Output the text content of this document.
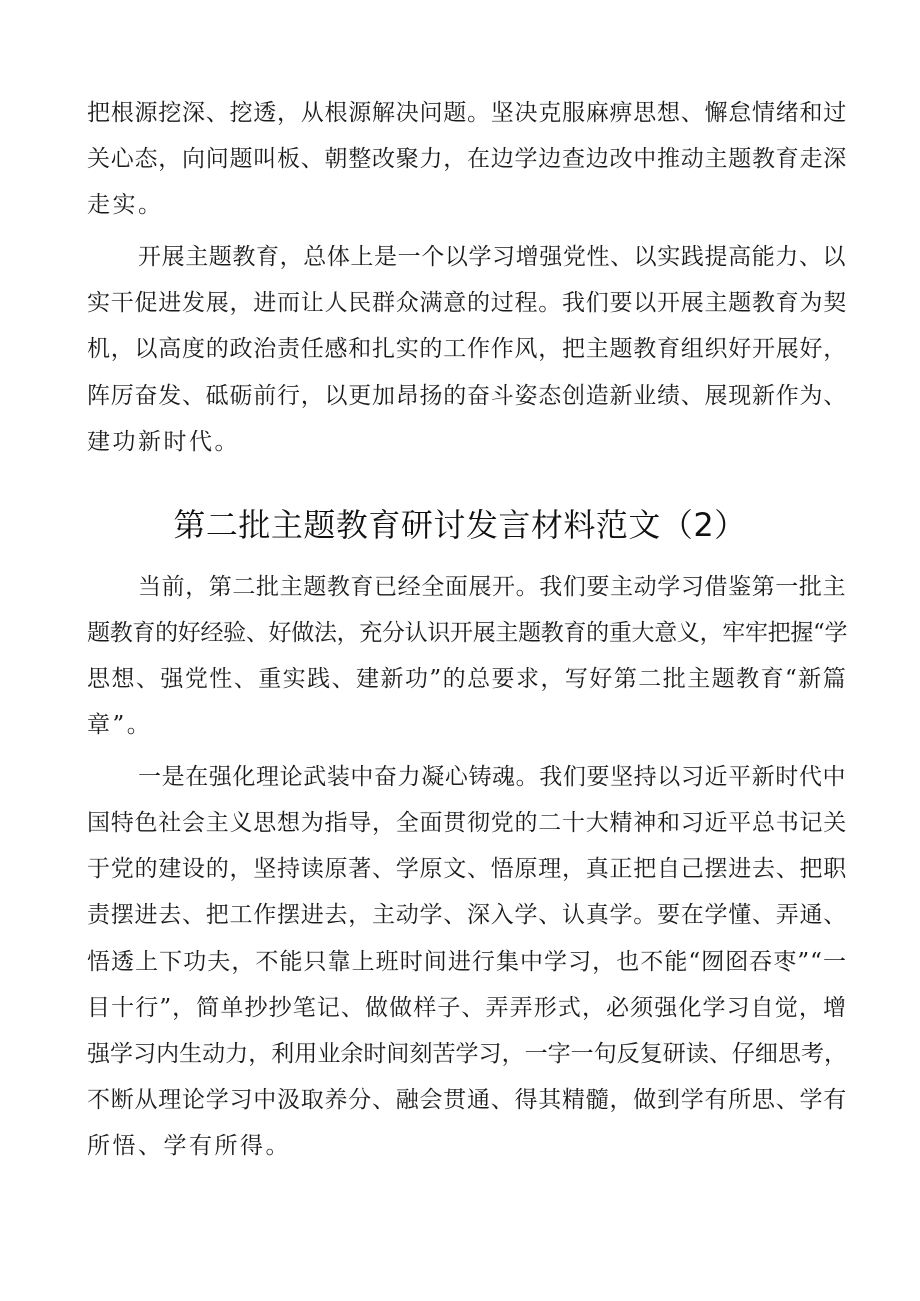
把根源挖深、挖透，从根源解决问题。坚决克服麻痹思想、懈怠情绪和过
关心态，向问题叫板、朝整改聚力，在边学边查边改中推动主题教育走深
走实。
开展主题教育，总体上是一个以学习增强党性、以实践提高能力、以
实干促进发展，进而让人民群众满意的过程。我们要以开展主题教育为契
机，以高度的政治责任感和扎实的工作作风，把主题教育组织好开展好，
阵厉奋发、砥砺前行，以更加昂扬的奋斗姿态创造新业绩、展现新作为、
建功新时代。
第二批主题教育研讨发言材料范文（2）
当前，第二批主题教育已经全面展开。我们要主动学习借鉴第一批主
题教育的好经验、好做法，充分认识开展主题教育的重大意义，牢牢把握“学
思想、强党性、重实践、建新功”的总要求，写好第二批主题教育“新篇
章”。
一是在强化理论武装中奋力凝心铸魂。我们要坚持以习近平新时代中
国特色社会主义思想为指导，全面贯彻党的二十大精神和习近平总书记关
于党的建设的，坚持读原著、学原文、悟原理，真正把自己摆进去、把职
责摆进去、把工作摆进去，主动学、深入学、认真学。要在学懂、弄通、
悟透上下功夫，不能只靠上班时间进行集中学习，也不能“囫囵吞枣”“一
目十行”，简单抄抄笔记、做做样子、弄弄形式，必须强化学习自觉，增
强学习内生动力，利用业余时间刻苦学习，一字一句反复研读、仔细思考，
不断从理论学习中汲取养分、融会贯通、得其精髓，做到学有所思、学有
所悟、学有所得。
